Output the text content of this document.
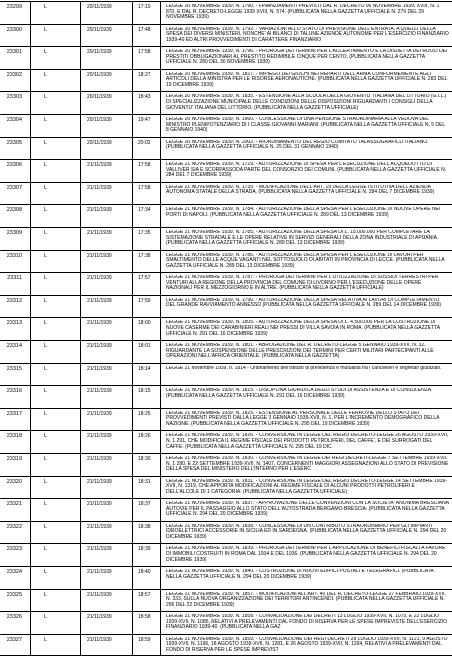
23299	L	20/11/1939	17:10	LEGGE 20 NOVEMBRE 1939, N. 1790. - FINANZIAMENTI PREVISTI DAL R. DECRETO 06 NOVEMBRE 1939, XVIII, N. 1 870, E DAL R. DECRETO-LEGGE 1939 XVIII, N. 574. (PUBBLICATA NELLA GAZZETTA UFFICIALE N. 279 DEL 29 NOVEMBRE 1939)
23300	L	20/11/1939	17:48	LEGGE 20 NOVEMBRE 1939, N. 1792. - VARIAZIONI ALLO STATO DI PREVISIONE DELL'ENTRATA, A QUELLI DELLA SPESA DEI DIVERSI MINISTERI, NONCHE' AI BILANCI DI TALUNE AZIENDE AUTONOME PER L'ESERCIZIO FINANZIARIO 1939-40 ED ALTRI PROVVEDIMENTI DI CARATTERE FINANZIARIO
23301	L	20/11/1939	17:58	LEGGE 20 NOVEMBRE 1939, N. 1796. - PROROGA DEI TERMINI PER L'ACCERTAMENTO E LA DISDETTA DEI RUOLI DEI PRESTITI OBBLIGAZIONARI AL PRESTITO REDIMIBILE CINQUE PER CENTO. (PUBBLICATA NELLA GAZZETTA UFFICIALE N. 280 DEL 30 NOVEMBRE 1939)
23302	L	20/11/1939	18:27	LEGGE 20 NOVEMBRE 1939, N. 1827. - IMPIEGO DEI GIOCHI NEI REPARTI DELL'ARMA CONFORMEMENTE AGLI ARTICOLI DELLA MINISTRA PER LE RISORSE AERONAUTICHE. (PUBBLICATA NELLA GAZZETTA UFFICIALE N. 283 DEL 19 DICEMBRE 1939)
23303	L	20/11/1939	18:43	LEGGE 20 NOVEMBRE 1939, N. 1835. - ESTENSIONE ALLA SCUOLA DELLA GIOVENTU' ITALIANA DEL LITTORIO (G.I.L.) DI SPECIALIZZAZIONE MUNICIPALE DELLE CONDIZIONI DELLE DISPOSIZIONI RIGUARDANTI I CONSIGLI DELLA GIOVENTU' ITALIANA DEL LITTORIO. (PUBBLICATA NELLA GAZZETTA UFFICIALE)
23304	L	20/11/1939	19:47	LEGGE 20 NOVEMBRE 1939, N. 1960. - CONCESSIONE DI UNA PENSIONE STRAORDINARIA ALLA VEDOVA DEL MINISTRO PLENIPOTENZIARIO DI I CLASSE GIOVANNI MARIANI. (PUBBLICATA NELLA GAZZETTA UFFICIALE N. 5 DEL 8 GENNAIO 1940)
23305	L	20/11/1939	20:02	LEGGE 20 NOVEMBRE 1939, N. 2002. - RIORDINAMENTO DEL REGIO COMITATO TALASSOGRAFICO ITALIANO. (PUBBLICATA NELLA GAZZETTA UFFICIALE N. 25 DEL 31 GENNAIO 1940)
23306	L	21/11/1939	17:58	LEGGE 21 NOVEMBRE 1939, N. 1729. - AUTORIZZAZIONE DI SPESA PER L'ESECUZIONE DELL'ACQUEDOTTO DI VALLIVER SIA E SCORPASSODA PARTE DEL CONSORZIO DEI COMUNI. (PUBBLICATA NELLA GAZZETTA UFFICIALE N. 284 DEL 7 DICEMBRE 1939)
23307	L	21/11/1939	17:58	LEGGE 21 NOVEMBRE 1939, N. 1735. - MODIFICAZIONE DELL'ART. 19 DELLA LEGGE ISTITUTIVA DELL'AZIENDA AUTONOMA STATALE DELLA STRADA. (PUBBLICATA NELLA GAZZETTA UFFICIALE N. 284 DEL 7 DICEMBRE 1939)
23308	L	21/11/1939	17:34	LEGGE 21 NOVEMBRE 1939, N. 1784. - AUTORIZZAZIONE DELLA SPESA PER L'ESECUZIONE DI NUOVE OPERE NEI PORTI DI NAPOLI. (PUBBLICATA NELLA GAZZETTA UFFICIALE N. 289 DEL 13 DICEMBRE 1939)
23309	L	21/11/1939	17:35	LEGGE 21 NOVEMBRE 1939, N. 1785. - AUTORIZZAZIONE DELLA SPESA DI L. 15.000.000 PER COMPLETARE LA SISTEMAZIONE STRADALE E LE OPERE RELATIVE IN SERVIZI GENERALI DELLA ZONA INDUSTRIALE DI APUANIA. (PUBBLICATA NELLA GAZZETTA UFFICIALE N. 289 DEL 13 DICEMBRE 1939)
23310	L	21/11/1939	17:38	LEGGE 21 NOVEMBRE 1939, N. 1786. - AUTORIZZAZIONE DELLA SPESA PER L'ESECUZIONE DI LAVORI PER SMALTIMENTO DELLE ACQUE VAGANTI NEL SOTTOSUOLO DI ABITATI IN PROVINCIA DI LECCE. (PUBBLICATA NELLA GAZZETTA UFFICIALE N. 289 DEL 13 DICEMBRE 1939)
23311	L	21/11/1939	17:57	LEGGE 21 NOVEMBRE 1939, N. 1787. - PROROGA DEI TERMINI PER L'UTILIZZAZIONE DI SUSSIDI TERRESTRI PER VENTURI ALLA REGIONE DELLA PROVINCIA DEL COMUNE DI LIVORNO PER L'ESECUZIONE DELLE OPERE NAZIONALI PER IL MEZZOGIORNO E IN ALTRE. (PUBBLICATA NELLA GAZZETTA UFFICIALE)
23312	L	21/11/1939	17:59	LEGGE 21 NOVEMBRE 1939, N. 1790. - AUTORIZZAZIONE DELLA SPESA RELATIVA AI LAVORI DI COMPLETAMENTO DEL GRANDE RAVVIAMENTO ANNESSO (PUBBLICATA NELLA GAZZETTA UFFICIALE N. 289 DEL 14 DICEMBRE 1939)
23313	L	21/11/1939	18:00	LEGGE 21 NOVEMBRE 1939, N. 1805. - AUTORIZZAZIONE DELLA SPESA DI L. 4.500.000 PER LA COSTRUZIONE DI NUOVE CASERME DEI CARABINIERI REALI NEI PRESSI DI VILLA SAVOIA IN ROMA. (PUBBLICATA NELLA GAZZETTA UFFICIALE N. 291 DEL 16 DICEMBRE 1939)
23314	L	21/11/1939	18:01	LEGGE 21 NOVEMBRE 1939, N. 1801. - ABROGAZIONE DEL R. DECRETO-LEGGE 5 GENNAIO 1939-XVII, N. 32, RIGUARDANTE LA SOSPENSIONE DELLE PRESCRIZIONI DEI TERMINI PER CERTI MILITARI PARTECIPANTI ALLE OPERAZIONI NELL'AFRICA ORIENTALE. (PUBBLICATA NELLA GAZZETTA)
23315	L	21/11/1939	18:14	LEGGE 21 novembre 1939, n. 1814 - Ordinamento dell'istituto di previdenza e mutualità fra i cancellieri e segretari giudiziari.
23316	L	21/11/1939	18:15	LEGGE 21 NOVEMBRE 1939, N. 1815. - DISCIPLINA GIURIDICA DEGLI STUDI DI ASSISTENZA E DI CONSULENZA. (PUBBLICATA NELLA GAZZETTA UFFICIALE N. 291 DEL 16 DICEMBRE 1939)
23317	L	21/11/1939	18:25	LEGGE 21 NOVEMBRE 1939, N. 1825. - ESTENSIONE AL PERSONALE DELLE FERROVIE DELLO STATO DEI PROVVEDIMENTI PREVISTI DALLA LEGGE 3 GENNAIO 1939-XVII, N. 1, PER L'INCREMENTO DEMOGRAFICO DELLA NAZIONE. (PUBBLICATA NELLA GAZZETTA UFFICIALE N. 295 DEL 19 DICEMBRE 1939)
23318	L	21/11/1939	18:26	LEGGE 21 NOVEMBRE 1939, N. 1826. - CONVERSIONE IN LEGGE DEL REGIO DECRETO-LEGGE 26 AGOSTO 1939-XVII, N. 1 291, CHE MODIFICA IL REGIME FISCALE DEI PRODOTTI PETROLIFERI, DEL CAFFE', E DEI SURROGATI DEL CAFFE. (PUBBLICATA NELLA GAZZETTA UFFICIALE N. 295 DEL 19 DIC
23319	L	21/11/1939	18:30	LEGGE 21 NOVEMBRE 1939, N. 1830. - CONVERSIONE IN LEGGE DEI REGI DECRETI-LEGGE 7 SETTEMBRE 1939-XVII, N. 1 280, E 22 SETTEMBRE 1939-XVII, N. 1407, CONCERNENTI MAGGIORI ASSEGNAZIONI ALLO STATO DI PREVISIONE DELLA SPESA DEL MINISTERO DELL'INTERNO PER L'ESERC
23320	L	21/11/1939	18:31	LEGGE 21 NOVEMBRE 1939, N. 1831. - CONVERSIONE IN LEGGE DEL REGIO DECRETO-LEGGE 14 SETTEMBRE 1939-XVII, N. 1319, CHE APPORTA MODIFICAZIONI AL REGIME FISCALE DI ALCUNI PRODOTTI PETROLIFERI E DELL'ALCOLE DI 1 CATEGORIA. (PUBBLICATA NELLA GAZZETTA UFFICIALE)
23321	L	21/11/1939	18:37	LEGGE 21 NOVEMBRE 1939, N. 1837. - APPROVAZIONE DELLE CONVENZIONI CON LA SOCIETA' ANONIMA BRESCIANA AUTOVIE PER IL PASSAGGIO ALLO STATO DELL'AUTOSTRADA BERGAMO-BRESCIA. (PUBBLICATA NELLA GAZZETTA UFFICIALE N. 294 DEL 20 DICEMBRE 1939)
23322	L	21/11/1939	18:38	LEGGE 21 NOVEMBRE 1939, N. 1838. - CONCESSIONE DI UN CONTRIBUTO STRAORDINARIO PER GLI IMPIANTI IDROELETTRICI ACCESSORIE IN SICILIA ED IN SARDEGNA. (PUBBLICATA NELLA GAZZETTA UFFICIALE N. 294 DEL 20 DICEMBRE 1939)
23323	L	21/11/1939	18:39	LEGGE 21 NOVEMBRE 1939, N. 1839. - PROROGA DEI TERMINI PER L'APPLICAZIONE DI BENEFICI FISCALI A FAVORE DI IMMOBILI COSTRUITI IN ROMA DAL 1934 E DEL 1936. (PUBBLICATA NELLA GAZZETTA UFFICIALE N. 294 DEL 20 DICEMBRE 1939)
23324	L	21/11/1939	18:40	LEGGE 21 NOVEMBRE 1939, N. 1840. - COSTRUZIONE DI NUOVI EDIFICI POSTALI E TELEGRAFICI. (PUBBLICATA NELLA GAZZETTA UFFICIALE N. 294 DEL 20 DICEMBRE 1939)
23325	L	21/11/1939	18:57	LEGGE 21 NOVEMBRE 1939, N. 1857. - MODIFICAZIONI ALL'ART. 40 DEL R. DECRETO-LEGGE 27 FEBBRAIO 1939-XVII, N. 333, SULLA NUOVA ORGANIZZAZIONE DEI TERRITORI ANTINCENDI. (PUBBLICATA NELLA GAZZETTA UFFICIALE N. 296 DEL 22 DICEMBRE 1939)
23326	L	21/11/1939	18:58	LEGGE 21 NOVEMBRE 1939, N. 1858. - CONVALIDAZIONE DEI DECRETI 13 LUGLIO 1939-XVII, N. 1075, E 22 LUGLIO 1939-XVII, N. 1085, RELATIVI A PRELEVAMENTI DAL FONDO DI RISERVA PER LE SPESE IMPREVISTE DELL'ESERCIZIO FINANZIARIO 1939-40. (PUBBLICATA NELLA GAZ
23327	L	21/11/1939	18:59	LEGGE 21 NOVEMBRE 1939, N. 1859. - CONVALIDAZIONE DEI REGI DECRETI 28 LUGLIO 1939-XVII, N. 1121, 9 AGOSTO 1939-XVII, N. 1196, 18 AGOSTO 1939-XVII, N. 1281, E 26 AGOSTO 1939-XVII, N. 1294, RELATIVI A PRELEVAMENTI DAL FONDO DI RISERVA PER LE SPESE IMPREVIST
